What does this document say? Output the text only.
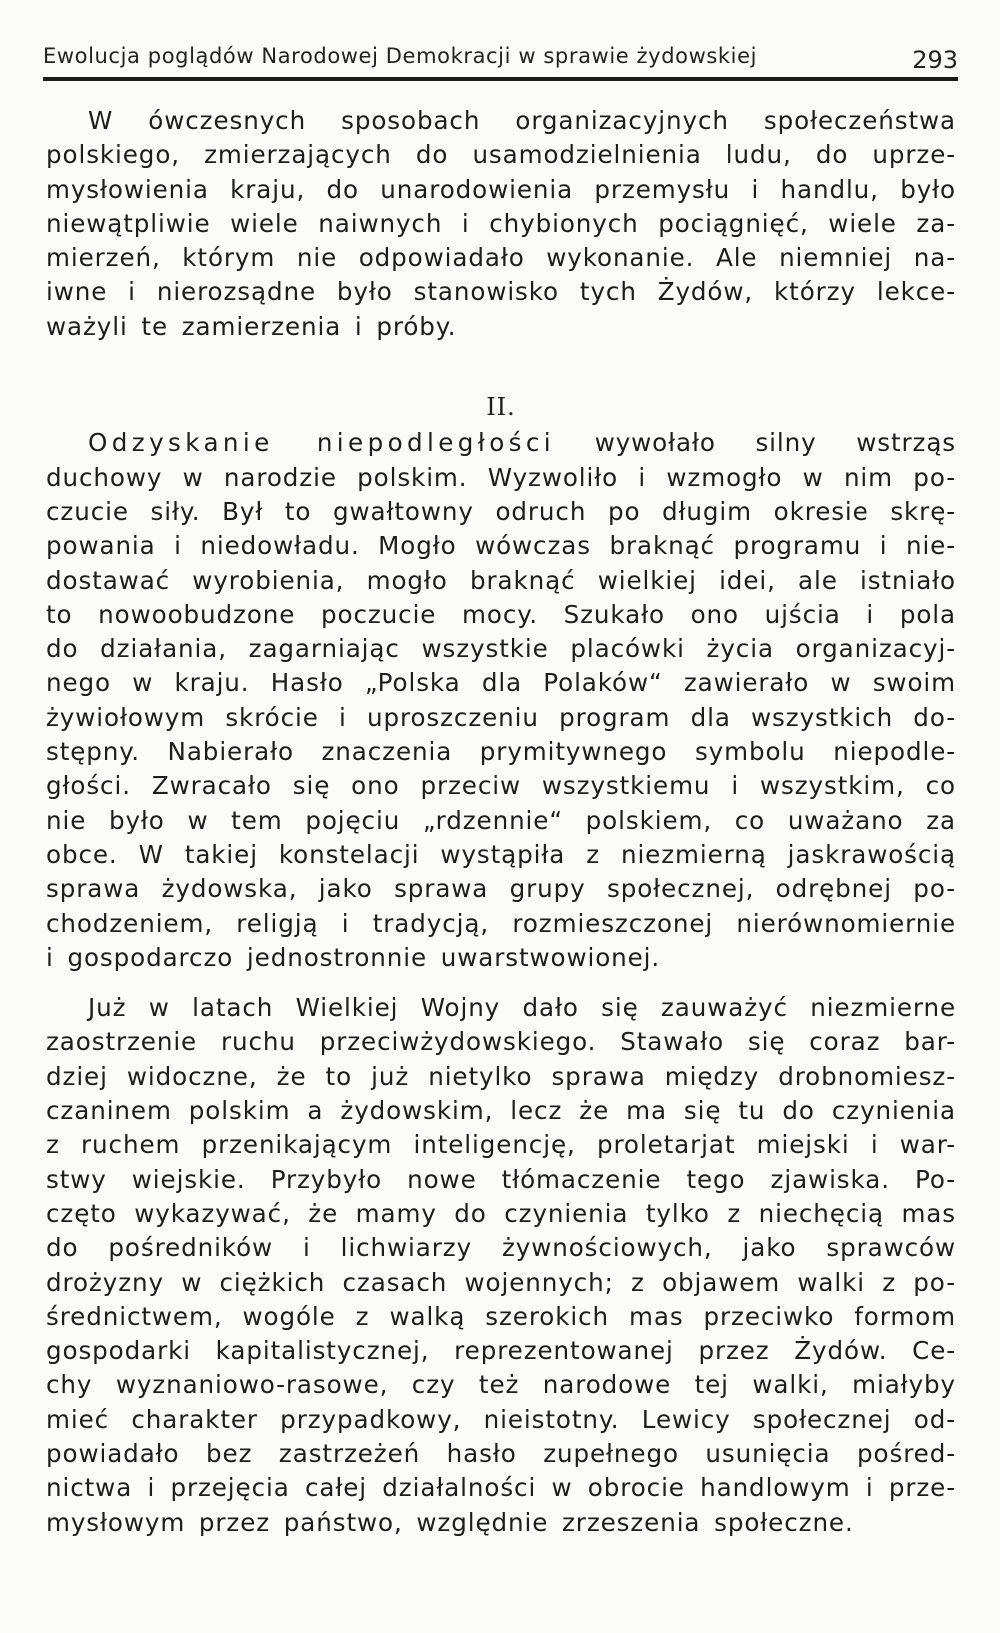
Ewolucja poglądów Narodowej Demokracji w sprawie żydowskiej	293
W ówczesnych sposobach organizacyjnych społeczeństwa
polskiego, zmierzających do usamodzielnienia ludu, do uprze-
mysłowienia kraju, do unarodowienia przemysłu i handlu, było
niewątpliwie wiele naiwnych i chybionych pociągnięć, wiele za-
mierzeń, którym nie odpowiadało wykonanie. Ale niemniej na-
iwne i nierozsądne było stanowisko tych Żydów, którzy lekce-
ważyli te zamierzenia i próby.
II.
Odzyskanie niepodległości wywołało silny wstrząs
duchowy w narodzie polskim. Wyzwoliło i wzmogło w nim po-
czucie siły. Był to gwałtowny odruch po długim okresie skrę-
powania i niedowładu. Mogło wówczas braknąć programu i nie-
dostawać wyrobienia, mogło braknąć wielkiej idei, ale istniało
to nowoobudzone poczucie mocy. Szukało ono ujścia i pola
do działania, zagarniając wszystkie placówki życia organizacyj-
nego w kraju. Hasło „Polska dla Polaków“ zawierało w swoim
żywiołowym skrócie i uproszczeniu program dla wszystkich do-
stępny. Nabierało znaczenia prymitywnego symbolu niepodle-
głości. Zwracało się ono przeciw wszystkiemu i wszystkim, co
nie było w tem pojęciu „rdzennie“ polskiem, co uważano za
obce. W takiej konstelacji wystąpiła z niezmierną jaskrawością
sprawa żydowska, jako sprawa grupy społecznej, odrębnej po-
chodzeniem, religją i tradycją, rozmieszczonej nierównomiernie
i gospodarczo jednostronnie uwarstwowionej.
Już w latach Wielkiej Wojny dało się zauważyć niezmierne
zaostrzenie ruchu przeciwżydowskiego. Stawało się coraz bar-
dziej widoczne, że to już nietylko sprawa między drobnomiesz-
czaninem polskim a żydowskim, lecz że ma się tu do czynienia
z ruchem przenikającym inteligencję, proletarjat miejski i war-
stwy wiejskie. Przybyło nowe tłómaczenie tego zjawiska. Po-
częto wykazywać, że mamy do czynienia tylko z niechęcią mas
do pośredników i lichwiarzy żywnościowych, jako sprawców
drożyzny w ciężkich czasach wojennych; z objawem walki z po-
średnictwem, wogóle z walką szerokich mas przeciwko formom
gospodarki kapitalistycznej, reprezentowanej przez Żydów. Ce-
chy wyznaniowo-rasowe, czy też narodowe tej walki, miałyby
mieć charakter przypadkowy, nieistotny. Lewicy społecznej od-
powiadało bez zastrzeżeń hasło zupełnego usunięcia pośred-
nictwa i przejęcia całej działalności w obrocie handlowym i prze-
mysłowym przez państwo, względnie zrzeszenia społeczne.
